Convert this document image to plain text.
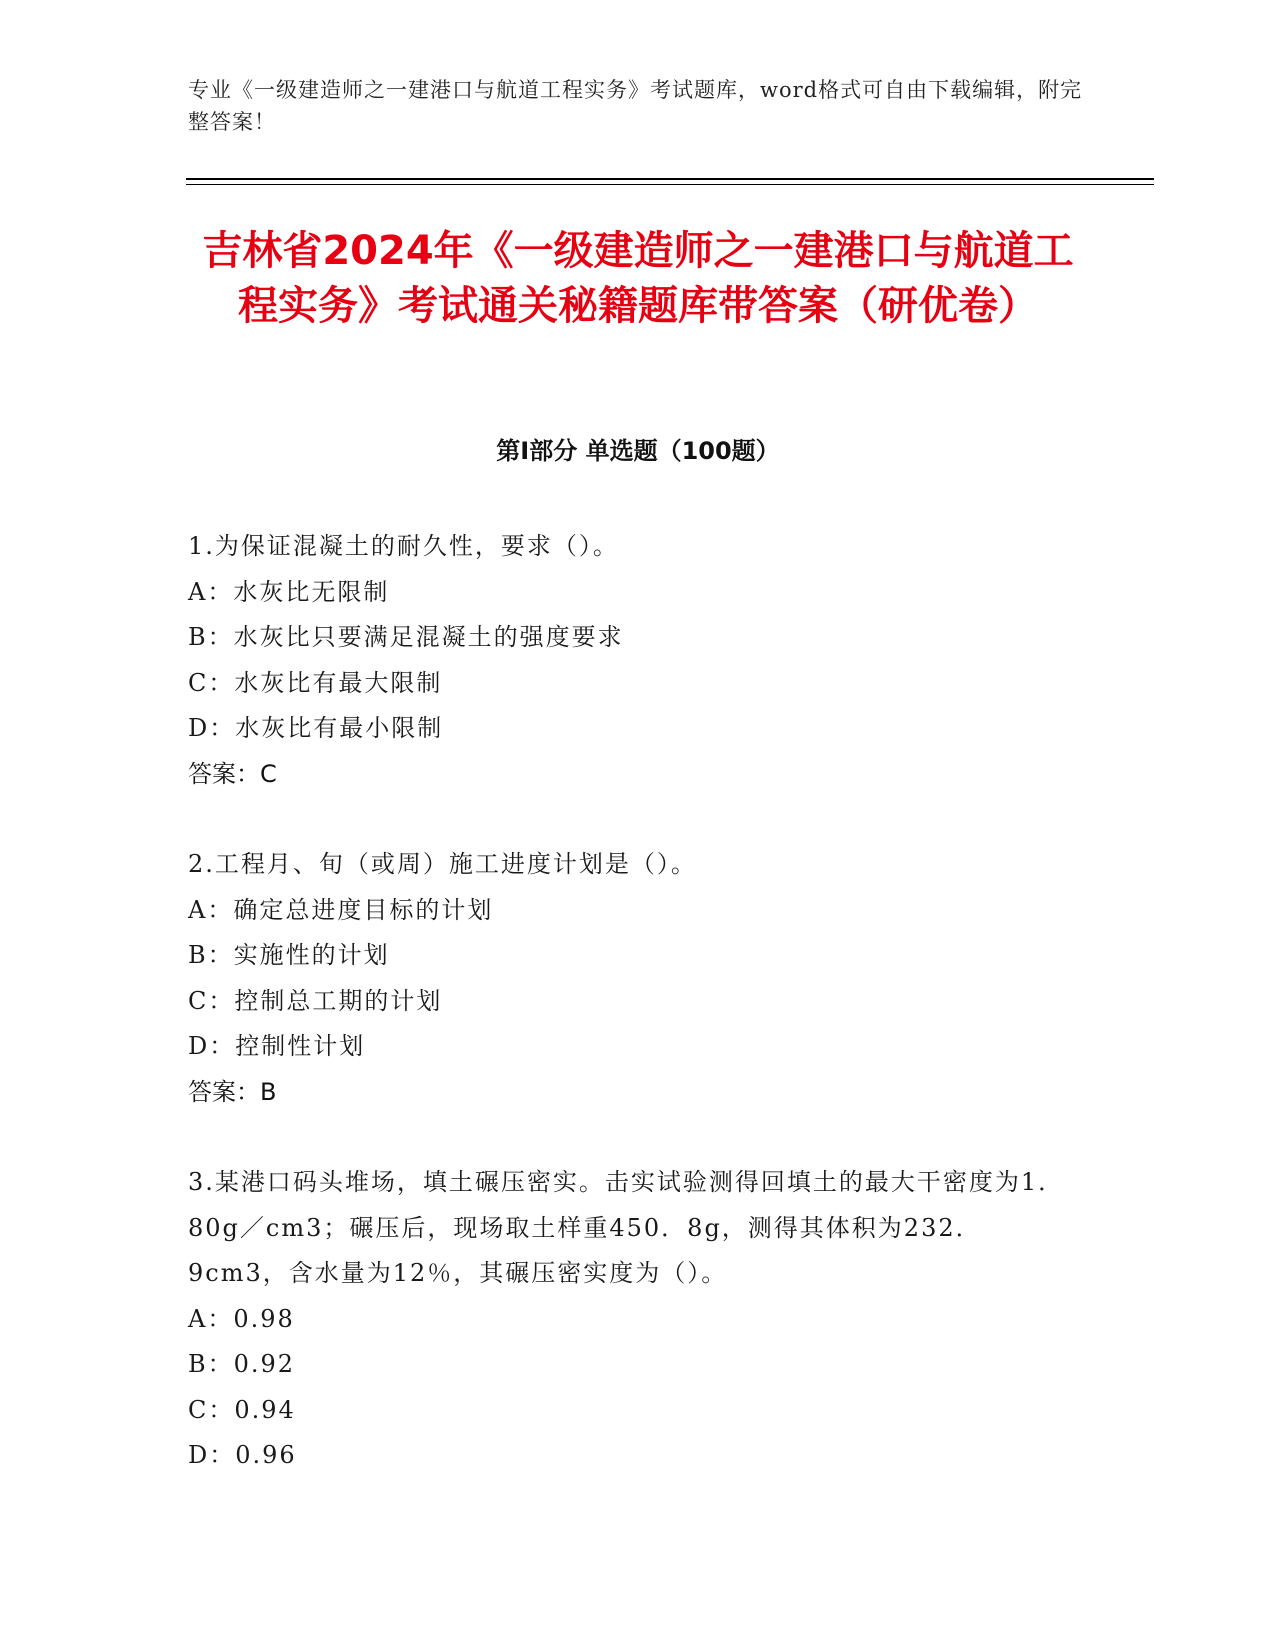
专业《一级建造师之一建港口与航道工程实务》考试题库，word格式可自由下载编辑，附完整答案！
吉林省2024年《一级建造师之一建港口与航道工程实务》考试通关秘籍题库带答案（研优卷）
第Ⅰ部分 单选题（100题）
1.为保证混凝土的耐久性，要求（）。
A：水灰比无限制
B：水灰比只要满足混凝土的强度要求
C：水灰比有最大限制
D：水灰比有最小限制
答案：C
2.工程月、旬（或周）施工进度计划是（）。
A：确定总进度目标的计划
B：实施性的计划
C：控制总工期的计划
D：控制性计划
答案：B
3.某港口码头堆场，填土碾压密实。击实试验测得回填土的最大干密度为1．80g／cm3；碾压后，现场取土样重450．8g，测得其体积为232．9cm3，含水量为12％，其碾压密实度为（）。
A：0.98
B：0.92
C：0.94
D：0.96
